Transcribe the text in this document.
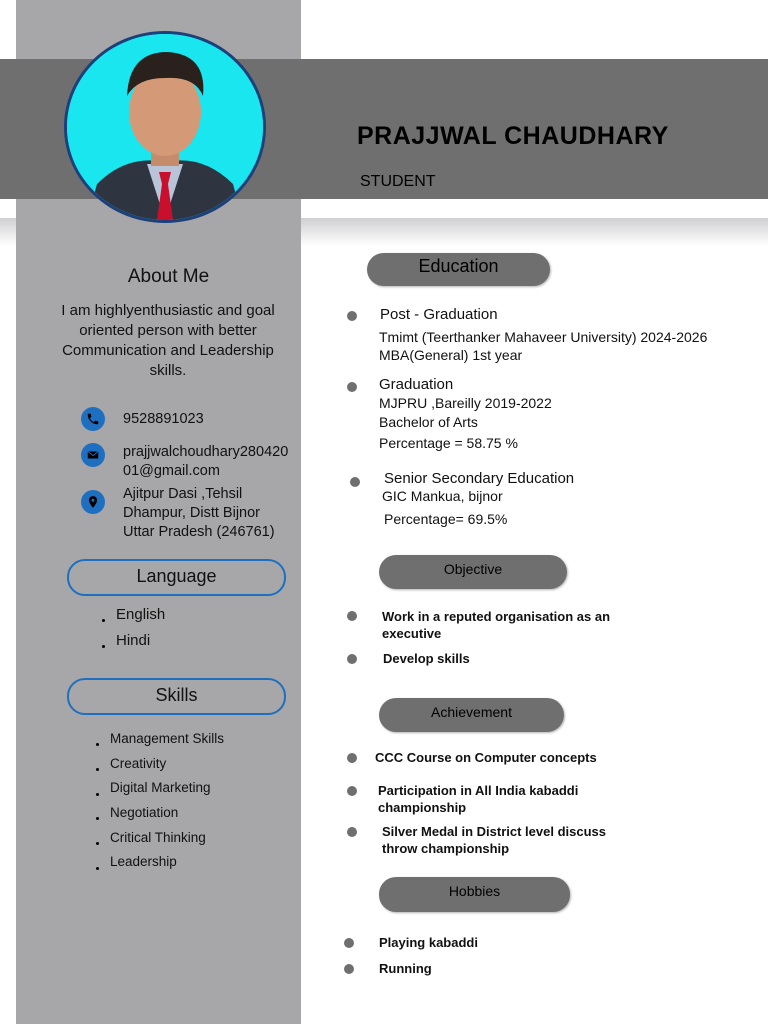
PRAJJWAL CHAUDHARY
STUDENT
About Me
I am highlyenthusiastic and goal oriented person with better Communication and Leadership skills.
9528891023
prajjwalchoudhary280420
01@gmail.com
Ajitpur Dasi ,Tehsil
Dhampur, Distt Bijnor
Uttar Pradesh (246761)
Language
English
Hindi
Skills
Management Skills
Creativity
Digital Marketing
Negotiation
Critical Thinking
Leadership
Education
Post - Graduation
Tmimt (Teerthanker Mahaveer University) 2024-2026
MBA(General) 1st year
Graduation
MJPRU ,Bareilly 2019-2022
Bachelor of Arts
Percentage = 58.75 %
Senior Secondary Education
GIC Mankua, bijnor
Percentage= 69.5%
Objective
Work in a reputed organisation as an
executive
Develop skills
Achievement
CCC Course on Computer concepts
Participation in All India kabaddi
championship
Silver Medal in District level discuss
throw championship
Hobbies
Playing kabaddi
Running
